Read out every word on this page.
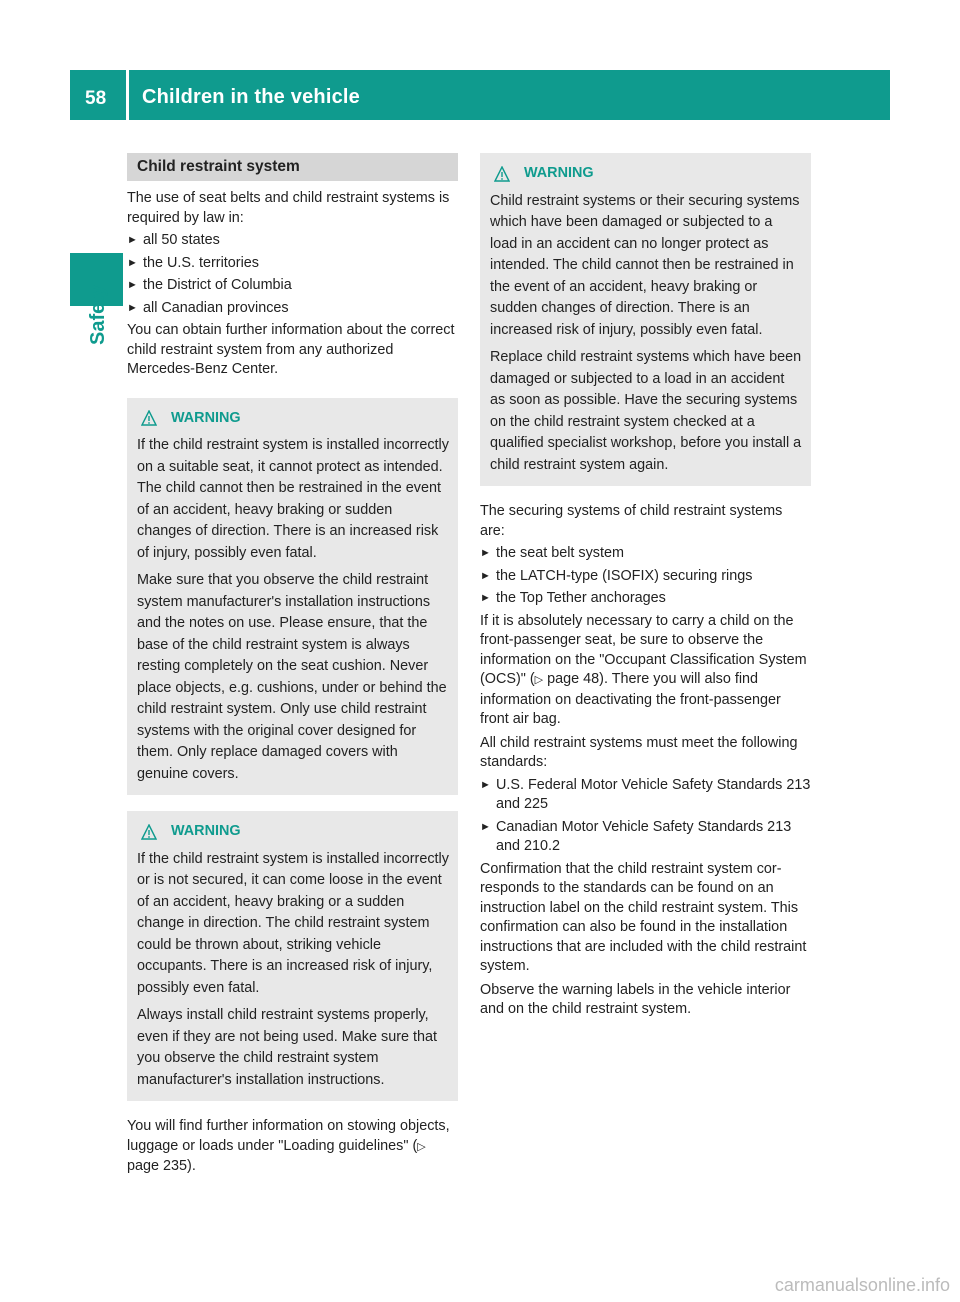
58 Children in the vehicle
Safety
Child restraint system

The use of seat belts and child restraint systems is required by law in:

► all 50 states
► the U.S. territories
► the District of Columbia
► all Canadian provinces

You can obtain further information about the correct child restraint system from any authorized Mercedes-Benz Center.

WARNING

If the child restraint system is installed incorrectly on a suitable seat, it cannot protect as intended. The child cannot then be restrained in the event of an accident, heavy braking or sudden changes of direction. There is an increased risk of injury, possibly even fatal.

Make sure that you observe the child restraint system manufacturer's installation instructions and the notes on use. Please ensure, that the base of the child restraint system is always resting completely on the seat cushion. Never place objects, e.g. cushions, under or behind the child restraint system. Only use child restraint systems with the original cover designed for them. Only replace damaged covers with genuine covers.

WARNING

If the child restraint system is installed incorrectly or is not secured, it can come loose in the event of an accident, heavy braking or a sudden change in direction. The child restraint system could be thrown about, striking vehicle occupants. There is an increased risk of injury, possibly even fatal.

Always install child restraint systems properly, even if they are not being used. Make sure that you observe the child restraint system manufacturer's installation instructions.

You will find further information on stowing objects, luggage or loads under "Loading guidelines" (▷ page 235).

WARNING

Child restraint systems or their securing systems which have been damaged or subjected to a load in an accident can no longer protect as intended. The child cannot then be restrained in the event of an accident, heavy braking or sudden changes of direction. There is an increased risk of injury, possibly even fatal.

Replace child restraint systems which have been damaged or subjected to a load in an accident as soon as possible. Have the securing systems on the child restraint system checked at a qualified specialist workshop, before you install a child restraint system again.

The securing systems of child restraint systems are:

► the seat belt system
► the LATCH-type (ISOFIX) securing rings
► the Top Tether anchorages

If it is absolutely necessary to carry a child on the front-passenger seat, be sure to observe the information on the "Occupant Classification System (OCS)" (▷ page 48). There you will also find information on deactivating the front-passenger front air bag.

All child restraint systems must meet the following standards:

► U.S. Federal Motor Vehicle Safety Standards 213 and 225
► Canadian Motor Vehicle Safety Standards 213 and 210.2

Confirmation that the child restraint system corresponds to the standards can be found on an instruction label on the child restraint system. This confirmation can also be found in the installation instructions that are included with the child restraint system.

Observe the warning labels in the vehicle interior and on the child restraint system.

carmanualsonline.info
